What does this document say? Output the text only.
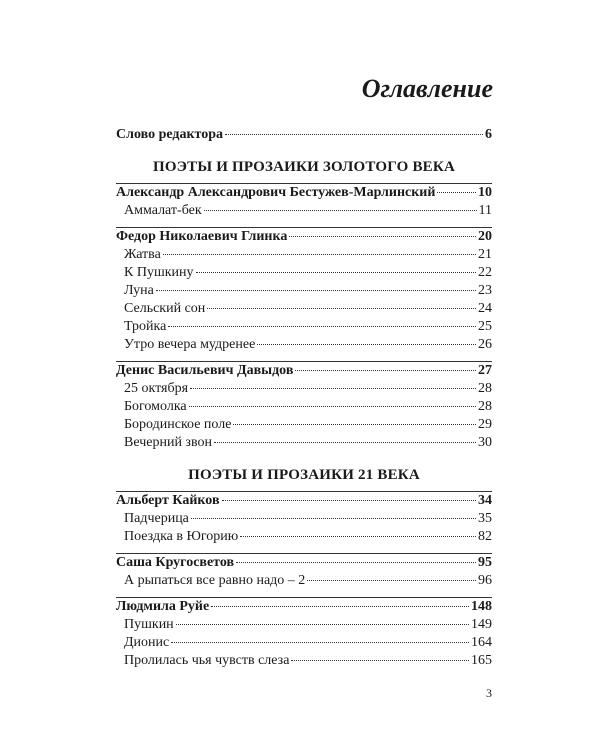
Оглавление
Слово редактора	6
ПОЭТЫ И ПРОЗАИКИ ЗОЛОТОГО ВЕКА
Александр Александрович Бестужев-Марлинский	10
Аммалат-бек	11
Федор Николаевич Глинка	20
Жатва	21
К Пушкину	22
Луна	23
Сельский сон	24
Тройка	25
Утро вечера мудренее	26
Денис Васильевич Давыдов	27
25 октября	28
Богомолка	28
Бородинское поле	29
Вечерний звон	30
ПОЭТЫ И ПРОЗАИКИ 21 ВЕКА
Альберт Кайков	34
Падчерица	35
Поездка в Югорию	82
Саша Кругосветов	95
А рыпаться все равно надо – 2	96
Людмила Руйе	148
Пушкин	149
Дионис	164
Пролилась чья чувств слеза	165
3
